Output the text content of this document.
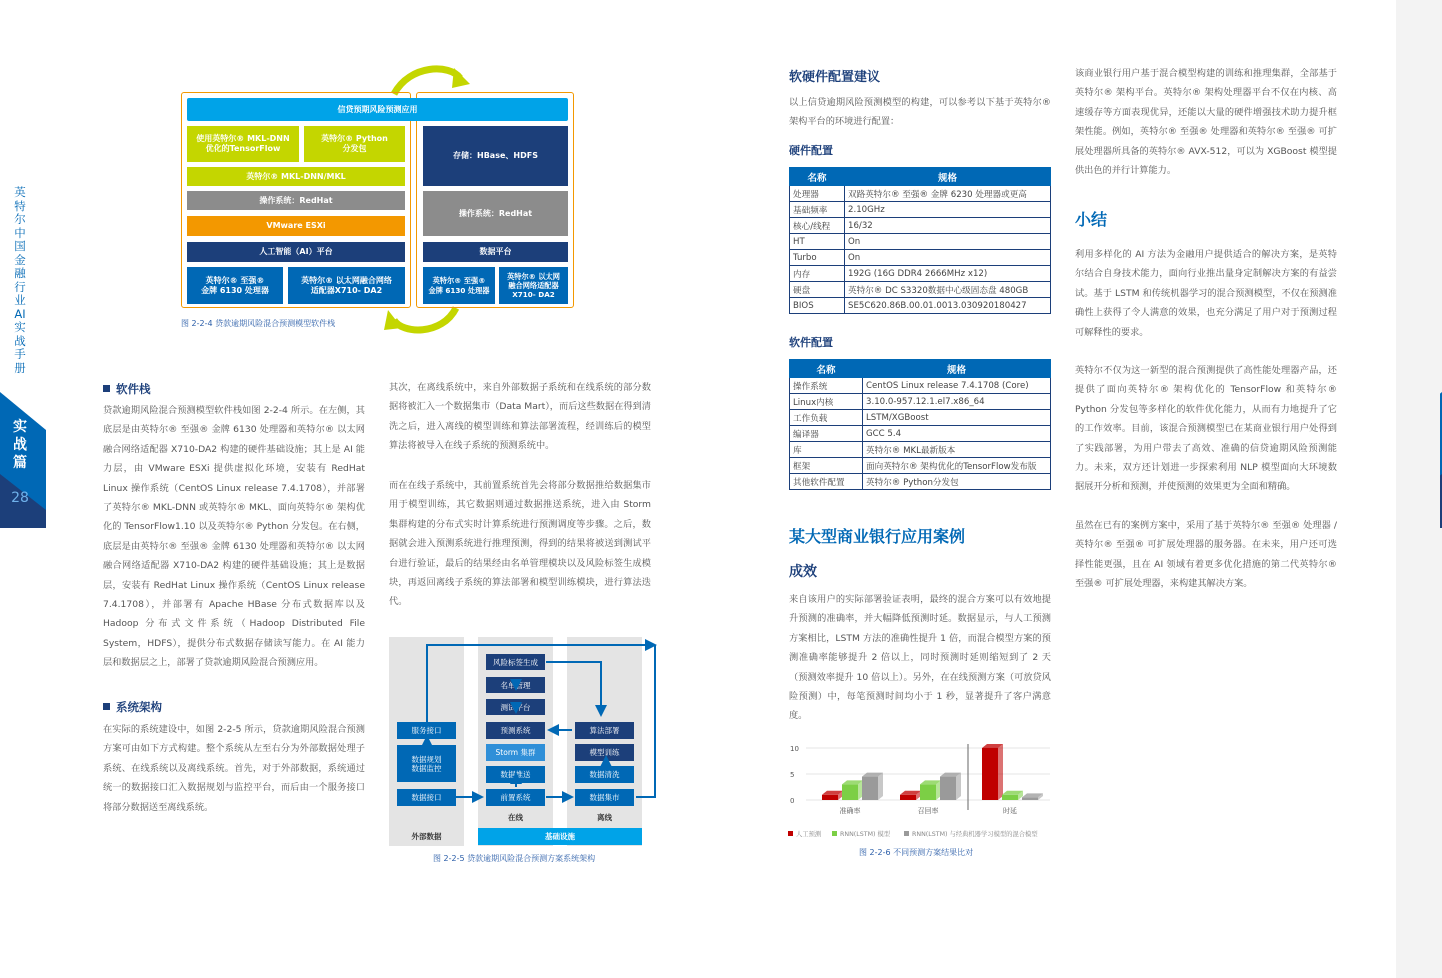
英
特
尔
中
国
金
融
行
业
AI
实
战
手
册
实
战
篇
28
信贷预期风险预测应用
使用英特尔® MKL-DNN
优化的TensorFlow
英特尔® Python
分发包
英特尔® MKL-DNN/MKL
操作系统：RedHat
VMware ESXi
人工智能（AI）平台
英特尔® 至强®
金牌 6130 处理器
英特尔® 以太网融合网络
适配器X710- DA2
存储：HBase、HDFS
操作系统：RedHat
数据平台
英特尔® 至强®
金牌 6130 处理器
英特尔® 以太网
融合网络适配器
X710- DA2
图 2-2-4 贷款逾期风险混合预测模型软件栈
软件栈
贷款逾期风险混合预测模型软件栈如图 2-2-4 所示。在左侧，其底层是由英特尔® 至强® 金牌 6130 处理器和英特尔® 以太网融合网络适配器 X710-DA2 构建的硬件基础设施；其上是 AI 能力层，由 VMware ESXi 提供虚拟化环境，安装有 RedHat Linux 操作系统（CentOS Linux release 7.4.1708），并部署了英特尔® MKL-DNN 或英特尔® MKL、面向英特尔® 架构优化的 TensorFlow1.10 以及英特尔® Python 分发包。在右侧，底层是由英特尔® 至强® 金牌 6130 处理器和英特尔® 以太网融合网络适配器 X710-DA2 构建的硬件基础设施；其上是数据层，安装有 RedHat Linux 操作系统（CentOS Linux release 7.4.1708），并部署有 Apache HBase 分布式数据库以及 Hadoop 分布式文件系统（Hadoop Distributed File System，HDFS），提供分布式数据存储读写能力。在 AI 能力层和数据层之上，部署了贷款逾期风险混合预测应用。
系统架构
在实际的系统建设中，如图 2-2-5 所示，贷款逾期风险混合预测方案可由如下方式构建。整个系统从左至右分为外部数据处理子系统、在线系统以及离线系统。首先，对于外部数据，系统通过统一的数据接口汇入数据规划与监控平台，而后由一个服务接口将部分数据送至离线系统。
其次，在离线系统中，来自外部数据子系统和在线系统的部分数据将被汇入一个数据集市（Data Mart），而后这些数据在得到清洗之后，进入离线的模型训练和算法部署流程，经训练后的模型算法将被导入在线子系统的预测系统中。
而在在线子系统中，其前置系统首先会将部分数据推给数据集市用于模型训练，其它数据则通过数据推送系统，进入由 Storm 集群构建的分布式实时计算系统进行预测调度等步骤。之后，数据就会进入预测系统进行推理预测，得到的结果将被送到测试平台进行验证，最后的结果经由名单管理模块以及风险标签生成模块，再返回离线子系统的算法部署和模型训练模块，进行算法迭代。
服务接口
数据规划
数据监控
数据接口
外部数据
风险标签生成
名单管理
测试平台
预测系统
Storm 集群
数据推送
前置系统
在线
算法部署
模型训练
数据清洗
数据集市
离线
基础设施
图 2-2-5 贷款逾期风险混合预测方案系统架构
软硬件配置建议
以上信贷逾期风险预测模型的构建，可以参考以下基于英特尔® 架构平台的环境进行配置：
硬件配置
名称	规格
处理器	双路英特尔® 至强® 金牌 6230 处理器或更高
基础频率	2.10GHz
核心/线程	16/32
HT	On
Turbo	On
内存	192G (16G DDR4 2666MHz x12)
硬盘	英特尔® DC S3320数据中心级固态盘 480GB
BIOS	SE5C620.86B.00.01.0013.030920180427
软件配置
名称	规格
操作系统	CentOS Linux release 7.4.1708 (Core)
Linux内核	3.10.0-957.12.1.el7.x86_64
工作负载	LSTM/XGBoost
编译器	GCC 5.4
库	英特尔® MKL最新版本
框架	面向英特尔® 架构优化的TensorFlow发布版
其他软件配置	英特尔® Python分发包
某大型商业银行应用案例
成效
来自该用户的实际部署验证表明，最终的混合方案可以有效地提升预测的准确率，并大幅降低预测时延。数据显示，与人工预测方案相比，LSTM 方法的准确性提升 1 倍，而混合模型方案的预测准确率能够提升 2 倍以上，同时预测时延则缩短到了 2 天（预测效率提升 10 倍以上）。另外，在在线预测方案（可放贷风险预测）中，每笔预测时间均小于 1 秒，显著提升了客户满意度。
10
5
0
准确率	召回率	时延
人工预测	RNN(LSTM) 模型	RNN(LSTM) 与经典机器学习模型的混合模型
图 2-2-6 不同预测方案结果比对
该商业银行用户基于混合模型构建的训练和推理集群，全部基于英特尔® 架构平台。英特尔® 架构处理器平台不仅在内核、高速缓存等方面表现优异，还能以大量的硬件增强技术助力提升框架性能。例如，英特尔® 至强® 处理器和英特尔® 至强® 可扩展处理器所具备的英特尔® AVX-512，可以为 XGBoost 模型提供出色的并行计算能力。
小结
利用多样化的 AI 方法为金融用户提供适合的解决方案，是英特尔结合自身技术能力，面向行业推出量身定制解决方案的有益尝试。基于 LSTM 和传统机器学习的混合预测模型，不仅在预测准确性上获得了令人满意的效果，也充分满足了用户对于预测过程可解释性的要求。
英特尔不仅为这一新型的混合预测提供了高性能处理器产品，还提供了面向英特尔® 架构优化的 TensorFlow 和英特尔® Python 分发包等多样化的软件优化能力，从而有力地提升了它的工作效率。目前，该混合预测模型已在某商业银行用户处得到了实践部署，为用户带去了高效、准确的信贷逾期风险预测能力。未来，双方还计划进一步探索利用 NLP 模型面向大环境数据展开分析和预测，并使预测的效果更为全面和精确。
虽然在已有的案例方案中，采用了基于英特尔® 至强® 处理器 / 英特尔® 至强® 可扩展处理器的服务器。在未来，用户还可选择性能更强，且在 AI 领域有着更多优化措施的第二代英特尔® 至强® 可扩展处理器，来构建其解决方案。
